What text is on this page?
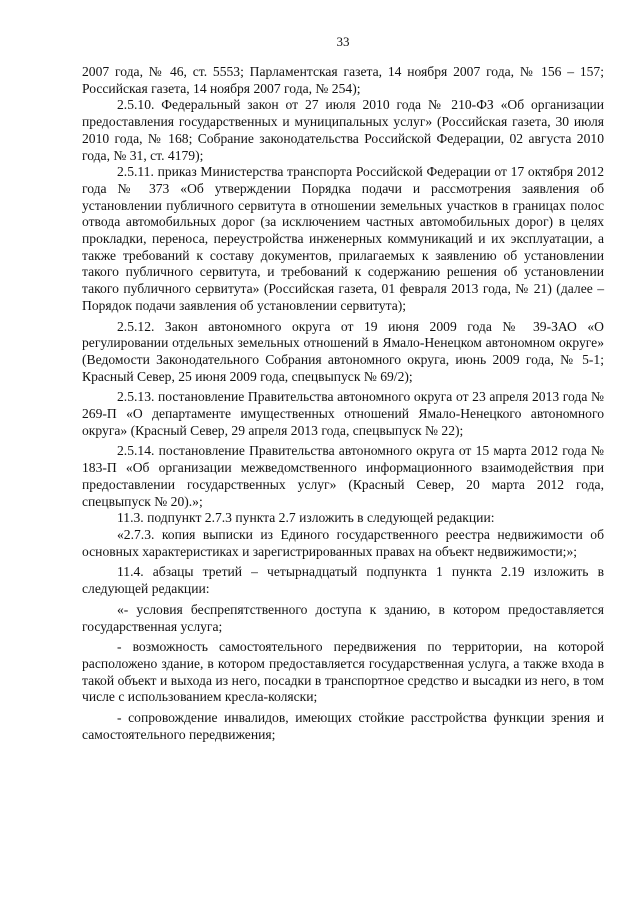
33

2007 года, № 46, ст. 5553; Парламентская газета, 14 ноября 2007 года, № 156 – 157; Российская газета, 14 ноября 2007 года, № 254);

2.5.10. Федеральный закон от 27 июля 2010 года № 210-ФЗ «Об организации предоставления государственных и муниципальных услуг» (Российская газета, 30 июля 2010 года, № 168; Собрание законодательства Российской Федерации, 02 августа 2010 года, № 31, ст. 4179);

2.5.11. приказ Министерства транспорта Российской Федерации от 17 октября 2012 года № 373 «Об утверждении Порядка подачи и рассмотрения заявления об установлении публичного сервитута в отношении земельных участков в границах полос отвода автомобильных дорог (за исключением частных автомобильных дорог) в целях прокладки, переноса, переустройства инженерных коммуникаций и их эксплуатации, а также требований к составу документов, прилагаемых к заявлению об установлении такого публичного сервитута, и требований к содержанию решения об установлении такого публичного сервитута» (Российская газета, 01 февраля 2013 года, № 21) (далее – Порядок подачи заявления об установлении сервитута);

2.5.12. Закон автономного округа от 19 июня 2009 года № 39-ЗАО «О регулировании отдельных земельных отношений в Ямало-Ненецком автономном округе» (Ведомости Законодательного Собрания автономного округа, июнь 2009 года, № 5-1; Красный Север, 25 июня 2009 года, спецвыпуск № 69/2);

2.5.13. постановление Правительства автономного округа от 23 апреля 2013 года № 269-П «О департаменте имущественных отношений Ямало-Ненецкого автономного округа» (Красный Север, 29 апреля 2013 года, спецвыпуск № 22);

2.5.14. постановление Правительства автономного округа от 15 марта 2012 года № 183-П «Об организации межведомственного информационного взаимодействия при предоставлении государственных услуг» (Красный Север, 20 марта 2012 года, спецвыпуск № 20).»;

11.3. подпункт 2.7.3 пункта 2.7 изложить в следующей редакции:

«2.7.3. копия выписки из Единого государственного реестра недвижимости об основных характеристиках и зарегистрированных правах на объект недвижимости;»;

11.4. абзацы третий – четырнадцатый подпункта 1 пункта 2.19 изложить в следующей редакции:

«- условия беспрепятственного доступа к зданию, в котором предоставляется государственная услуга;

- возможность самостоятельного передвижения по территории, на которой расположено здание, в котором предоставляется государственная услуга, а также входа в такой объект и выхода из него, посадки в транспортное средство и высадки из него, в том числе с использованием кресла-коляски;

- сопровождение инвалидов, имеющих стойкие расстройства функции зрения и самостоятельного передвижения;
